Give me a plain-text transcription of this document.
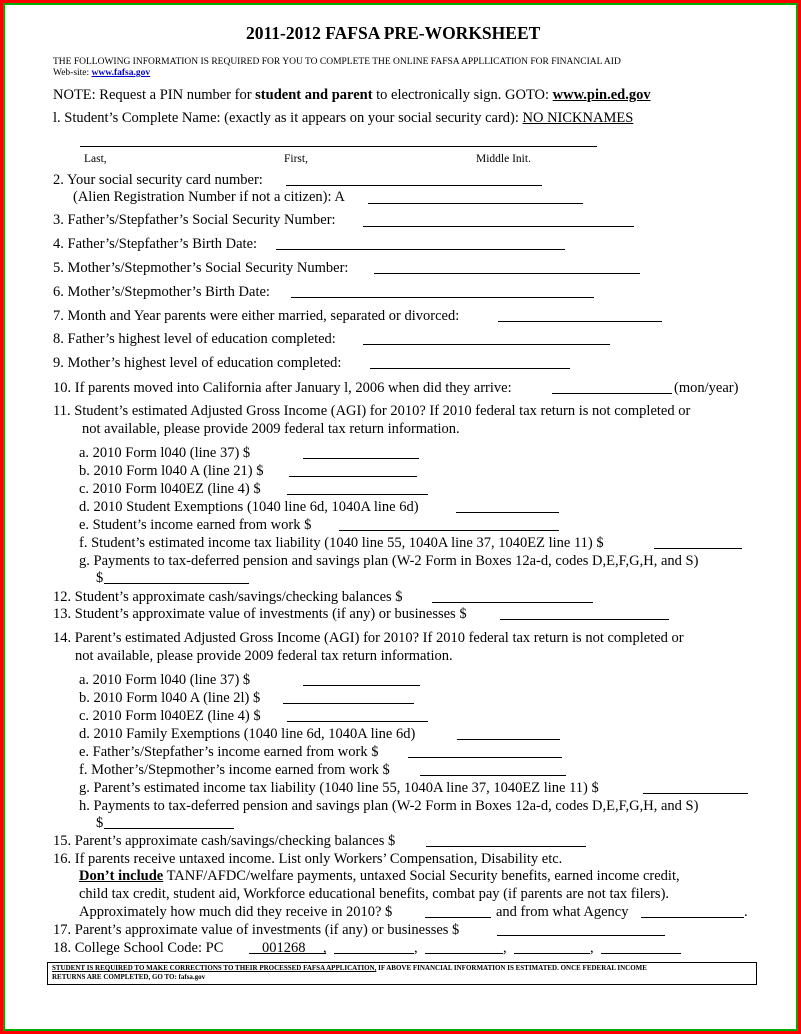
2011-2012 FAFSA PRE-WORKSHEET
THE FOLLOWING INFORMATION IS REQUIRED FOR YOU TO COMPLETE THE ONLINE FAFSA APPLLICATION FOR FINANCIAL AID
Web-site: www.fafsa.gov
NOTE: Request a PIN number for student and parent to electronically sign. GOTO: www.pin.ed.gov
l. Student’s Complete Name: (exactly as it appears on your social security card): NO NICKNAMES
Last,	First,	Middle Init.
2. Your social security card number:
(Alien Registration Number if not a citizen): A
3. Father’s/Stepfather’s Social Security Number:
4. Father’s/Stepfather’s Birth Date:
5. Mother’s/Stepmother’s Social Security Number:
6. Mother’s/Stepmother’s Birth Date:
7. Month and Year parents were either married, separated or divorced:
8. Father’s highest level of education completed:
9. Mother’s highest level of education completed:
10. If parents moved into California after January l, 2006 when did they arrive:	(mon/year)
11. Student’s estimated Adjusted Gross Income (AGI) for 2010? If 2010 federal tax return is not completed or
not available, please provide 2009 federal tax return information.
a. 2010 Form l040 (line 37) $
b. 2010 Form l040 A (line 21) $
c. 2010 Form l040EZ (line 4) $
d. 2010 Student Exemptions (1040 line 6d, 1040A line 6d)
e. Student’s income earned from work $
f. Student’s estimated income tax liability (1040 line 55, 1040A line 37, 1040EZ line 11) $
g. Payments to tax-deferred pension and savings plan (W-2 Form in Boxes 12a-d, codes D,E,F,G,H, and S)
$
12. Student’s approximate cash/savings/checking balances $
13. Student’s approximate value of investments (if any) or businesses $
14. Parent’s estimated Adjusted Gross Income (AGI) for 2010? If 2010 federal tax return is not completed or
not available, please provide 2009 federal tax return information.
a. 2010 Form l040 (line 37) $
b. 2010 Form l040 A (line 2l) $
c. 2010 Form l040EZ (line 4) $
d. 2010 Family Exemptions (1040 line 6d, 1040A line 6d)
e. Father’s/Stepfather’s income earned from work $
f. Mother’s/Stepmother’s income earned from work $
g. Parent’s estimated income tax liability (1040 line 55, 1040A line 37, 1040EZ line 11) $
h. Payments to tax-deferred pension and savings plan (W-2 Form in Boxes 12a-d, codes D,E,F,G,H, and S)
$
15. Parent’s approximate cash/savings/checking balances $
16. If parents receive untaxed income. List only Workers’ Compensation, Disability etc.
Don’t include TANF/AFDC/welfare payments, untaxed Social Security benefits, earned income credit,
child tax credit, student aid, Workforce educational benefits, combat pay (if parents are not tax filers).
Approximately how much did they receive in 2010? $	and from what Agency	.
17. Parent’s approximate value of investments (if any) or businesses $
18. College School Code: PC	001268 ,	,	,	,
STUDENT IS REQUIRED TO MAKE CORRECTIONS TO THEIR PROCESSED FAFSA APPLICATION, IF ABOVE FINANCIAL INFORMATION IS ESTIMATED. ONCE FEDERAL INCOME
RETURNS ARE COMPLETED, GO TO: fafsa.gov
